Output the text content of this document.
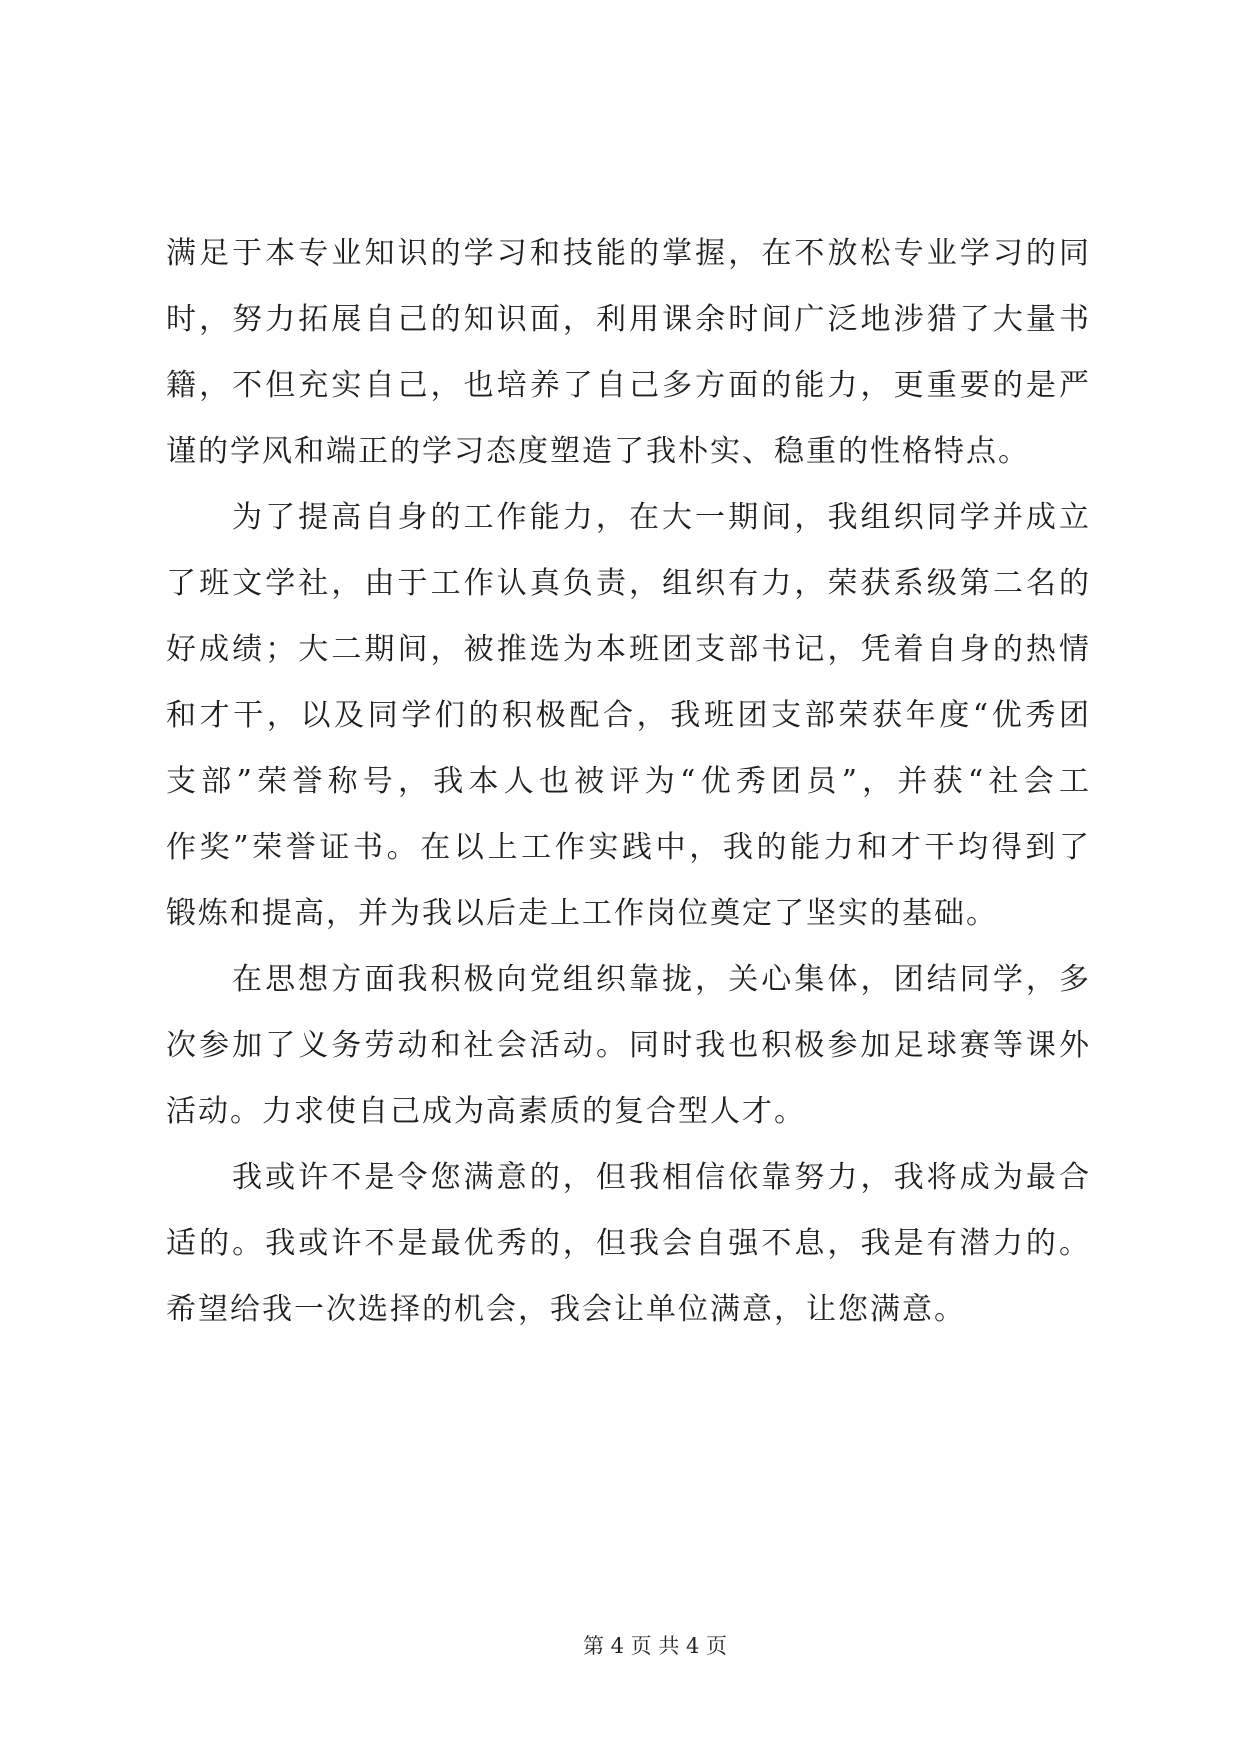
满足于本专业知识的学习和技能的掌握，在不放松专业学习的同
时，努力拓展自己的知识面，利用课余时间广泛地涉猎了大量书
籍，不但充实自己，也培养了自己多方面的能力，更重要的是严
谨的学风和端正的学习态度塑造了我朴实、稳重的性格特点。
为了提高自身的工作能力，在大一期间，我组织同学并成立
了班文学社，由于工作认真负责，组织有力，荣获系级第二名的
好成绩；大二期间，被推选为本班团支部书记，凭着自身的热情
和才干，以及同学们的积极配合，我班团支部荣获年度“优秀团
支部”荣誉称号，我本人也被评为“优秀团员”，并获“社会工
作奖”荣誉证书。在以上工作实践中，我的能力和才干均得到了
锻炼和提高，并为我以后走上工作岗位奠定了坚实的基础。
在思想方面我积极向党组织靠拢，关心集体，团结同学，多
次参加了义务劳动和社会活动。同时我也积极参加足球赛等课外
活动。力求使自己成为高素质的复合型人才。
我或许不是令您满意的，但我相信依靠努力，我将成为最合
适的。我或许不是最优秀的，但我会自强不息，我是有潜力的。
希望给我一次选择的机会，我会让单位满意，让您满意。
第 4 页 共 4 页
